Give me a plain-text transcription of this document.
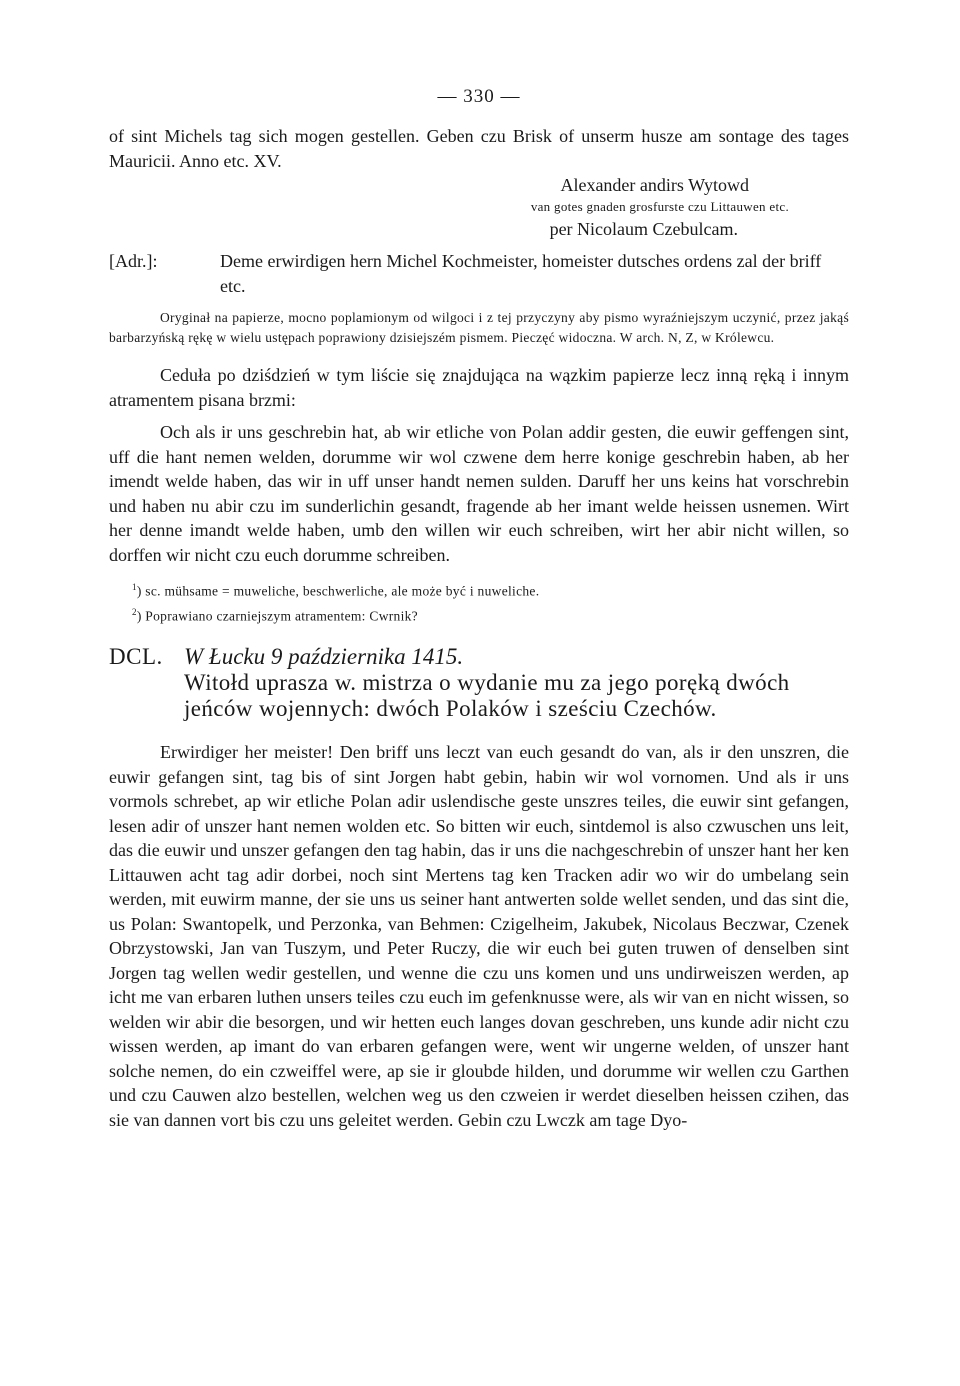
— 330 —

of sint Michels tag sich mogen gestellen. Geben czu Brisk of unserm husze am sontage des tages Mauricii. Anno etc. XV.

Alexander andirs Wytowd
van gotes gnaden grosfurste czu Littauwen etc.
per Nicolaum Czebulcam.
[Adr.]:	Deme erwirdigen hern Michel Kochmeister, homeister dutsches ordens zal der briff etc.
Oryginał na papierze, mocno poplamionym od wilgoci i z tej przyczyny aby pismo wyraźniejszym uczynić, przez jakąś barbarzyńską rękę w wielu ustępach poprawiony dzisiejszém pismem. Pieczęć widoczna. W arch. N, Z, w Królewcu.

Ceduła po dziśdzień w tym liście się znajdująca na wązkim papierze lecz inną ręką i innym atramentem pisana brzmi:

Och als ir uns geschrebin hat, ab wir etliche von Polan addir gesten, die euwir geffengen sint, uff die hant nemen welden, dorumme wir wol czwene dem herre konige geschrebin haben, ab her imendt welde haben, das wir in uff unser handt nemen sulden. Daruff her uns keins hat vorschrebin und haben nu abir czu im sunderlichin gesandt, fragende ab her imant welde heissen usnemen. Wirt her denne imandt welde haben, umb den willen wir euch schreiben, wirt her abir nicht willen, so dorffen wir nicht czu euch dorumme schreiben.

$^1$) sc. mühsame = muweliche, beschwerliche, ale może być i nuweliche.
$^2$) Poprawiano czarniejszym atramentem: Cwrnik?
DCL. W Łucku 9 października 1415.
Witołd uprasza w. mistrza o wydanie mu za jego poręką dwóch jeńców wojennych: dwóch Polaków i sześciu Czechów.

Erwirdiger her meister! Den briff uns leczt van euch gesandt do van, als ir den unszren, die euwir gefangen sint, tag bis of sint Jorgen habt gebin, habin wir wol vornomen. Und als ir uns vormols schrebet, ap wir etliche Polan adir uslendische geste unszres teiles, die euwir sint gefangen, lesen adir of unszer hant nemen wolden etc. So bitten wir euch, sintdemol is also czwuschen uns leit, das die euwir und unszer gefangen den tag habin, das ir uns die nachgeschrebin of unszer hant her ken Littauwen acht tag adir dorbei, noch sint Mertens tag ken Tracken adir wo wir do umbelang sein werden, mit euwirm manne, der sie uns us seiner hant antwerten solde wellet senden, und das sint die, us Polan: Swantopelk, und Perzonka, van Behmen: Czigelheim, Jakubek, Nicolaus Beczwar, Czenek Obrzystowski, Jan van Tuszym, und Peter Ruczy, die wir euch bei guten truwen of denselben sint Jorgen tag wellen wedir gestellen, und wenne die czu uns komen und uns undirweiszen werden, ap icht me van erbaren luthen unsers teiles czu euch im gefenknusse were, als wir van en nicht wissen, so welden wir abir die besorgen, und wir hetten euch langes dovan geschreben, uns kunde adir nicht czu wissen werden, ap imant do van erbaren gefangen were, went wir ungerne welden, of unszer hant solche nemen, do ein czweiffel were, ap sie ir gloubde hilden, und dorumme wir wellen czu Garthen und czu Cauwen alzo bestellen, welchen weg us den czweien ir werdet dieselben heissen czihen, das sie van dannen vort bis czu uns geleitet werden. Gebin czu Lwczk am tage Dyo-
